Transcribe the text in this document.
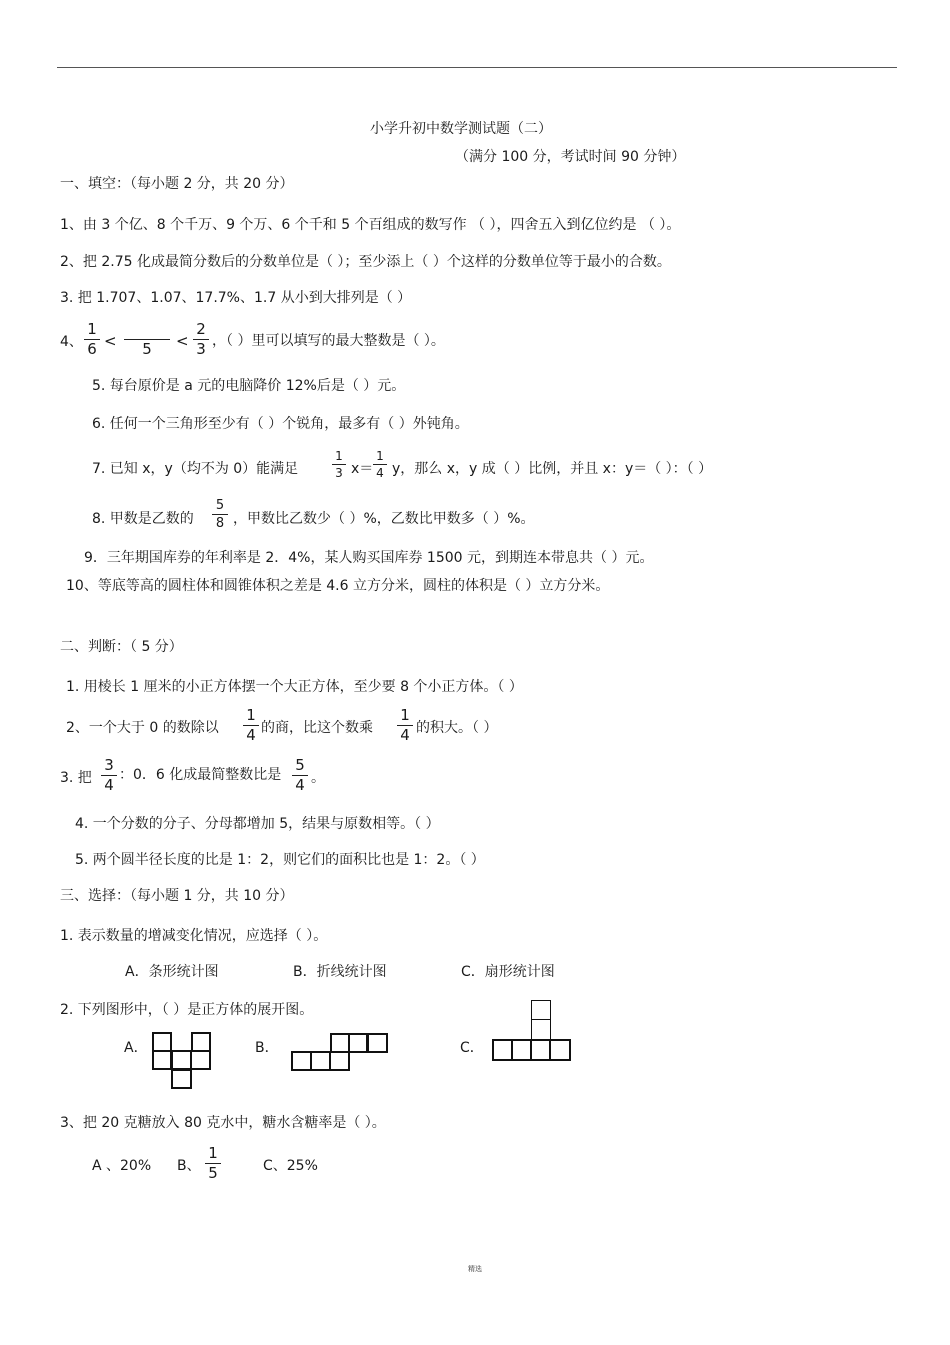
小学升初中数学测试题（二）
（满分 100 分，考试时间 90 分钟）
一、填空：（每小题 2 分，共 20 分）
1、由 3 个亿、8 个千万、9 个万、6 个千和 5 个百组成的数写作 （ ），四舍五入到亿位约是 （ ）。
2、把 2.75 化成最简分数后的分数单位是（ ）；至少添上（ ）个这样的分数单位等于最小的合数。
3. 把 1.707、1.07、17.7%、1.7 从小到大排列是（ ）
4、
1
6 <	5	<
2
3 ，（ ）里可以填写的最大整数是（ ）。
5. 每台原价是 a 元的电脑降价 12%后是（ ）元。
6. 任何一个三角形至少有（ ）个锐角，最多有（ ）外钝角。
7. 已知 x，y（均不为 0）能满足
1
3 x＝
1
4 y，那么 x，y 成（ ）比例，并且 x：y＝（ ）：（ ）
8. 甲数是乙数的
5
8 ，甲数比乙数少（ ）%，乙数比甲数多（ ）%。
9．三年期国库券的年利率是 2．4%，某人购买国库券 1500 元，到期连本带息共（ ）元。
10、等底等高的圆柱体和圆锥体积之差是 4.6 立方分米，圆柱的体积是（ ）立方分米。
二、判断：（ 5 分）
1. 用棱长 1 厘米的小正方体摆一个大正方体，至少要 8 个小正方体。（ ）
2、一个大于 0 的数除以
1
4 的商，比这个数乘
1
4 的积大。（ ）
3. 把
3
4
：0．6 化成最简整数比是
5
4 。
4. 一个分数的分子、分母都增加 5，结果与原数相等。（ ）
5. 两个圆半径长度的比是 1：2，则它们的面积比也是 1：2。（ ）
三、选择：（每小题 1 分，共 10 分）
1. 表示数量的增减变化情况，应选择（ ）。
A．条形统计图	B．折线统计图	C．扇形统计图
2. 下列图形中，（ ）是正方体的展开图。
A．	B．	C．
3、把 20 克糖放入 80 克水中，糖水含糖率是（ ）。
A 、20% B、
1
5	C、25%
精选
